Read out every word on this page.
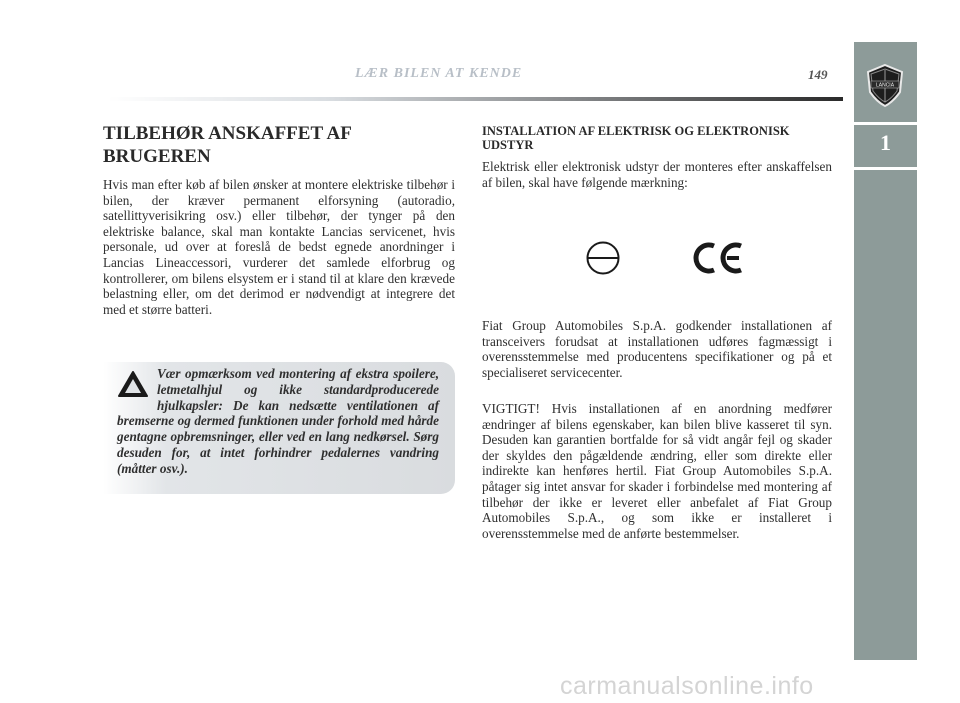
LÆR BILEN AT KENDE	149
LANCIA
1
TILBEHØR ANSKAFFET AF BRUGEREN

Hvis man efter køb af bilen ønsker at montere elektriske tilbehør i bilen, der kræver permanent elforsyning (autoradio, satellittyverisikring osv.) eller tilbehør, der tynger på den elektriske balance, skal man kontakte Lancias servicenet, hvis personale, ud over at foreslå de bedst egnede anordninger i Lancias Lineaccessori, vurderer det samlede elforbrug og kontrollerer, om bilens elsystem er i stand til at klare den krævede belastning eller, om det derimod er nødvendigt at integrere det med et større batteri.

Vær opmærksom ved montering af ekstra spoilere, letmetalhjul og ikke standardproducerede hjulkapsler: De kan nedsætte ventilationen af bremserne og dermed funktionen under forhold med hårde gentagne opbremsninger, eller ved en lang nedkørsel. Sørg desuden for, at intet forhindrer pedalernes vandring (måtter osv.).

INSTALLATION AF ELEKTRISK OG ELEKTRONISK UDSTYR

Elektrisk eller elektronisk udstyr der monteres efter anskaffelsen af bilen, skal have følgende mærkning:

Fiat Group Automobiles S.p.A. godkender installationen af transceivers forudsat at installationen udføres fagmæssigt i overensstemmelse med producentens specifikationer og på et specialiseret servicecenter.

VIGTIGT! Hvis installationen af en anordning medfører ændringer af bilens egenskaber, kan bilen blive kasseret til syn. Desuden kan garantien bortfalde for så vidt angår fejl og skader der skyldes den pågældende ændring, eller som direkte eller indirekte kan henføres hertil. Fiat Group Automobiles S.p.A. påtager sig intet ansvar for skader i forbindelse med montering af tilbehør der ikke er leveret eller anbefalet af Fiat Group Automobiles S.p.A., og som ikke er installeret i overensstemmelse med de anførte bestemmelser.

carmanualsonline.info
